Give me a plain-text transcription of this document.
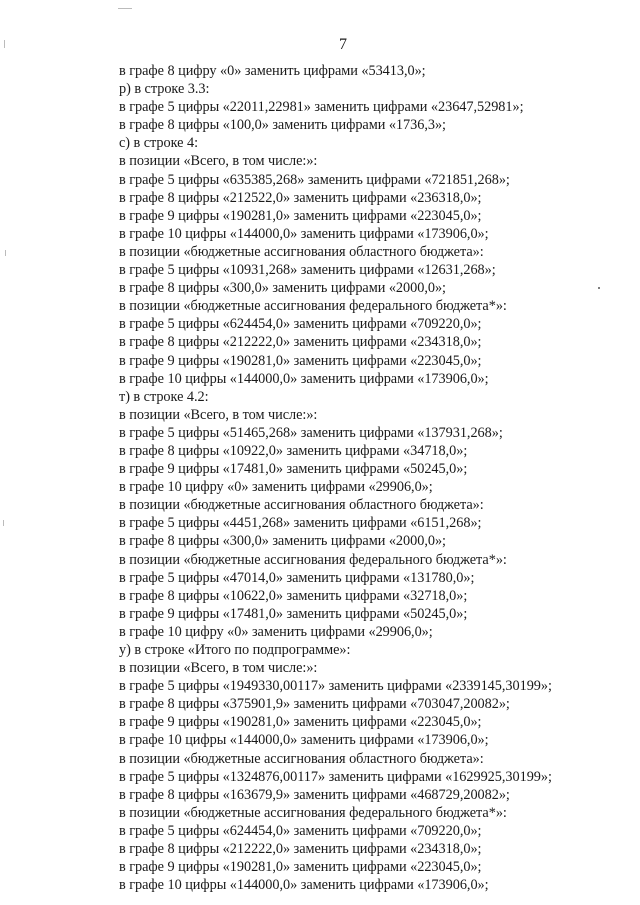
7
в графе 8 цифру «0» заменить цифрами «53413,0»;
р) в строке 3.3:
в графе 5 цифры «22011,22981» заменить цифрами «23647,52981»;
в графе 8 цифры «100,0» заменить цифрами «1736,3»;
с) в строке 4:
в позиции «Всего, в том числе:»:
в графе 5 цифры «635385,268» заменить цифрами «721851,268»;
в графе 8 цифры «212522,0» заменить цифрами «236318,0»;
в графе 9 цифры «190281,0» заменить цифрами «223045,0»;
в графе 10 цифры «144000,0» заменить цифрами «173906,0»;
в позиции «бюджетные ассигнования областного бюджета»:
в графе 5 цифры «10931,268» заменить цифрами «12631,268»;
в графе 8 цифры «300,0» заменить цифрами «2000,0»;
в позиции «бюджетные ассигнования федерального бюджета*»:
в графе 5 цифры «624454,0» заменить цифрами «709220,0»;
в графе 8 цифры «212222,0» заменить цифрами «234318,0»;
в графе 9 цифры «190281,0» заменить цифрами «223045,0»;
в графе 10 цифры «144000,0» заменить цифрами «173906,0»;
т) в строке 4.2:
в позиции «Всего, в том числе:»:
в графе 5 цифры «51465,268» заменить цифрами «137931,268»;
в графе 8 цифры «10922,0» заменить цифрами «34718,0»;
в графе 9 цифры «17481,0» заменить цифрами «50245,0»;
в графе 10 цифру «0» заменить цифрами «29906,0»;
в позиции «бюджетные ассигнования областного бюджета»:
в графе 5 цифры «4451,268» заменить цифрами «6151,268»;
в графе 8 цифры «300,0» заменить цифрами «2000,0»;
в позиции «бюджетные ассигнования федерального бюджета*»:
в графе 5 цифры «47014,0» заменить цифрами «131780,0»;
в графе 8 цифры «10622,0» заменить цифрами «32718,0»;
в графе 9 цифры «17481,0» заменить цифрами «50245,0»;
в графе 10 цифру «0» заменить цифрами «29906,0»;
у) в строке «Итого по подпрограмме»:
в позиции «Всего, в том числе:»:
в графе 5 цифры «1949330,00117» заменить цифрами «2339145,30199»;
в графе 8 цифры «375901,9» заменить цифрами «703047,20082»;
в графе 9 цифры «190281,0» заменить цифрами «223045,0»;
в графе 10 цифры «144000,0» заменить цифрами «173906,0»;
в позиции «бюджетные ассигнования областного бюджета»:
в графе 5 цифры «1324876,00117» заменить цифрами «1629925,30199»;
в графе 8 цифры «163679,9» заменить цифрами «468729,20082»;
в позиции «бюджетные ассигнования федерального бюджета*»:
в графе 5 цифры «624454,0» заменить цифрами «709220,0»;
в графе 8 цифры «212222,0» заменить цифрами «234318,0»;
в графе 9 цифры «190281,0» заменить цифрами «223045,0»;
в графе 10 цифры «144000,0» заменить цифрами «173906,0»;
